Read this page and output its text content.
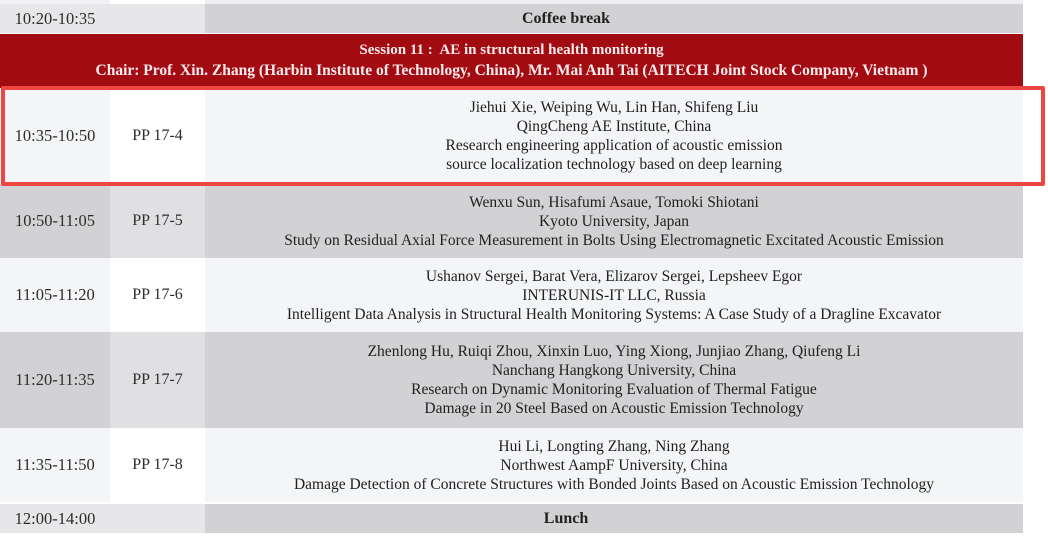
10:20-10:35	Coffee break
Session 11 :  AE in structural health monitoring
Chair: Prof. Xin. Zhang (Harbin Institute of Technology, China), Mr. Mai Anh Tai (AITECH Joint Stock Company, Vietnam )
10:35-10:50	PP 17-4
Jiehui Xie, Weiping Wu, Lin Han, Shifeng Liu
QingCheng AE Institute, China
Research engineering application of acoustic emission
source localization technology based on deep learning
10:50-11:05	PP 17-5
Wenxu Sun, Hisafumi Asaue, Tomoki Shiotani
Kyoto University, Japan
Study on Residual Axial Force Measurement in Bolts Using Electromagnetic Excitated Acoustic Emission
11:05-11:20	PP 17-6
Ushanov Sergei, Barat Vera, Elizarov Sergei, Lepsheev Egor
INTERUNIS-IT LLC, Russia
Intelligent Data Analysis in Structural Health Monitoring Systems: A Case Study of a Dragline Excavator
11:20-11:35	PP 17-7
Zhenlong Hu, Ruiqi Zhou, Xinxin Luo, Ying Xiong, Junjiao Zhang, Qiufeng Li
Nanchang Hangkong University, China
Research on Dynamic Monitoring Evaluation of Thermal Fatigue
Damage in 20 Steel Based on Acoustic Emission Technology
11:35-11:50	PP 17-8
Hui Li, Longting Zhang, Ning Zhang
Northwest AampF University, China
Damage Detection of Concrete Structures with Bonded Joints Based on Acoustic Emission Technology
12:00-14:00	Lunch
